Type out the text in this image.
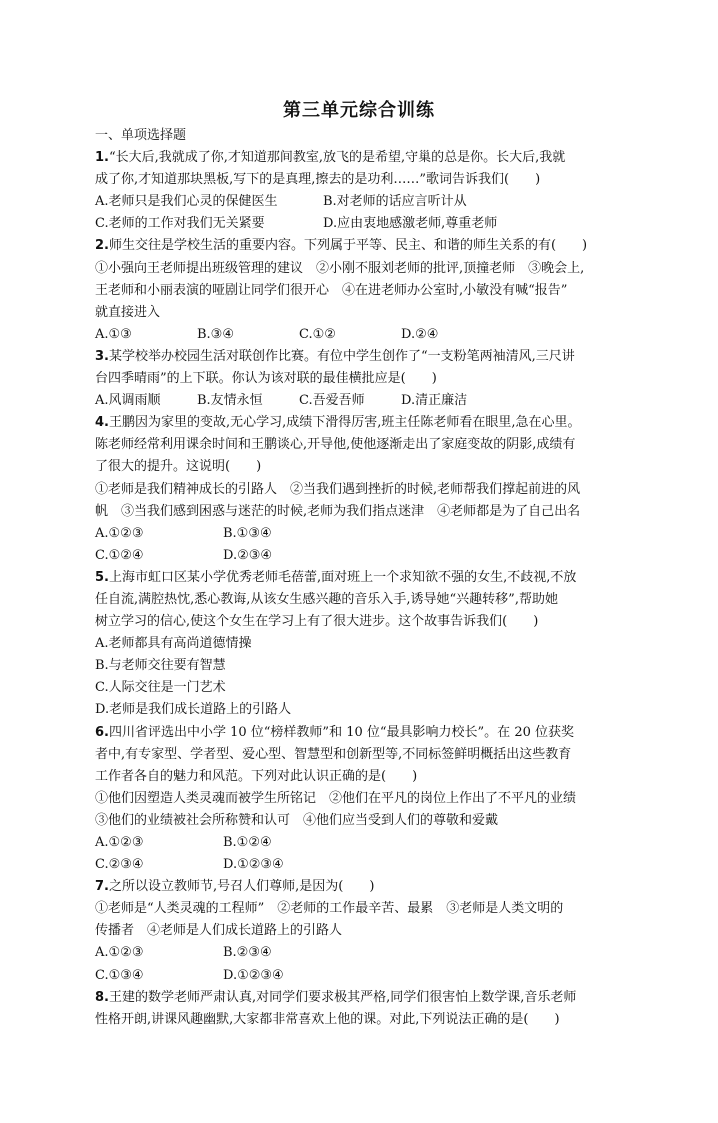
第三单元综合训练
一、单项选择题
1.“长大后,我就成了你,才知道那间教室,放飞的是希望,守巢的总是你。长大后,我就
成了你,才知道那块黑板,写下的是真理,擦去的是功利……”歌词告诉我们(　　)
A.老师只是我们心灵的保健医生	B.对老师的话应言听计从
C.老师的工作对我们无关紧要	D.应由衷地感激老师,尊重老师
2.师生交往是学校生活的重要内容。下列属于平等、民主、和谐的师生关系的有(　　)
①小强向王老师提出班级管理的建议　②小刚不服刘老师的批评,顶撞老师　③晚会上,
王老师和小丽表演的哑剧让同学们很开心　④在进老师办公室时,小敏没有喊“报告”
就直接进入
A.①③	B.③④	C.①②	D.②④
3.某学校举办校园生活对联创作比赛。有位中学生创作了“一支粉笔两袖清风,三尺讲
台四季晴雨”的上下联。你认为该对联的最佳横批应是(　　)
A.风调雨顺	B.友情永恒	C.吾爱吾师	D.清正廉洁
4.王鹏因为家里的变故,无心学习,成绩下滑得厉害,班主任陈老师看在眼里,急在心里。
陈老师经常利用课余时间和王鹏谈心,开导他,使他逐渐走出了家庭变故的阴影,成绩有
了很大的提升。这说明(　　)
①老师是我们精神成长的引路人　②当我们遇到挫折的时候,老师帮我们撑起前进的风
帆　③当我们感到困惑与迷茫的时候,老师为我们指点迷津　④老师都是为了自己出名
A.①②③	B.①③④
C.①②④	D.②③④
5.上海市虹口区某小学优秀老师毛蓓蕾,面对班上一个求知欲不强的女生,不歧视,不放
任自流,满腔热忱,悉心教诲,从该女生感兴趣的音乐入手,诱导她“兴趣转移”,帮助她
树立学习的信心,使这个女生在学习上有了很大进步。这个故事告诉我们(　　)
A.老师都具有高尚道德情操
B.与老师交往要有智慧
C.人际交往是一门艺术
D.老师是我们成长道路上的引路人
6.四川省评选出中小学 10 位“榜样教师”和 10 位“最具影响力校长”。在 20 位获奖
者中,有专家型、学者型、爱心型、智慧型和创新型等,不同标签鲜明概括出这些教育
工作者各自的魅力和风范。下列对此认识正确的是(　　)
①他们因塑造人类灵魂而被学生所铭记　②他们在平凡的岗位上作出了不平凡的业绩
③他们的业绩被社会所称赞和认可　④他们应当受到人们的尊敬和爱戴
A.①②③	B.①②④
C.②③④	D.①②③④
7.之所以设立教师节,号召人们尊师,是因为(　　)
①老师是“人类灵魂的工程师”　②老师的工作最辛苦、最累　③老师是人类文明的
传播者　④老师是人们成长道路上的引路人
A.①②③	B.②③④
C.①③④	D.①②③④
8.王建的数学老师严肃认真,对同学们要求极其严格,同学们很害怕上数学课,音乐老师
性格开朗,讲课风趣幽默,大家都非常喜欢上他的课。对此,下列说法正确的是(　　)
